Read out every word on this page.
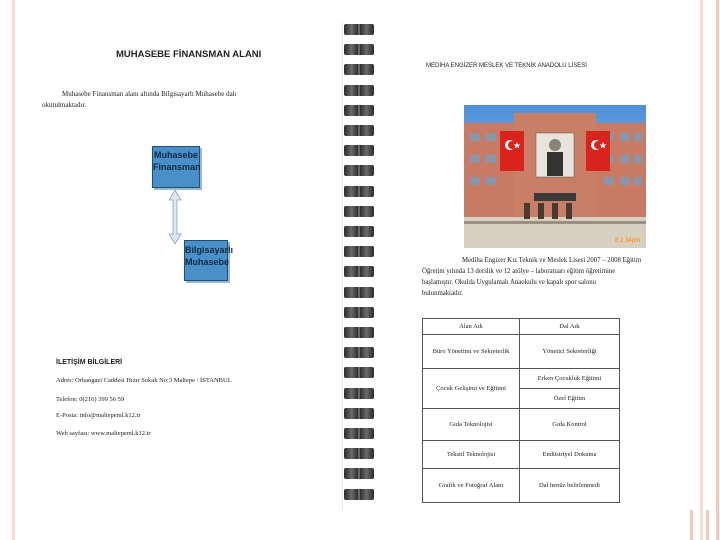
MUHASEBE FİNANSMAN ALANI
Muhasebe Finansman alanı altında Bilgisayarlı Muhasebe dalı
okutulmaktadır.
Muhasebe
Finansman
Bilgisayarlı
Muhasebe
İLETİŞİM BİLGİLERİ
Adres: Orhangazi Caddesi Hızır Sokak No:3 Maltepe / İSTANBUL
Telefon: 0(216) 399 56 59
E-Posta: info@maltepeml.k12.tr
Web sayfası: www.maltepeml.k12.tr
MEDİHA ENGİZER MESLEK VE TEKNİK ANADOLU LİSESİ
8 2 34pm
Mediha Engizer Kız Teknik ve Meslek Lisesi 2007 – 2008 Eğitim
Öğretim yılında 13 derslik ve 12 atölye – laboratuarı eğitim öğretimine
başlamıştır. Okulda Uygulamalı Anaokulu ve kapalı spor salonu
bulunmaktadır.
Alan Adı	Dal Adı
Büro Yönetimi ve Sekreterlik	Yönetici Sekreterliği
Çocuk Gelişimi ve Eğitimi	Erken Çocukluk Eğitimi
	Özel Eğitim
Gıda Teknolojisi	Gıda Kontrol
Tekstil Teknolojisi	Endüstriyel Dokuma
Grafik ve Fotoğraf Alanı	Dal henüz belirlenmedi
